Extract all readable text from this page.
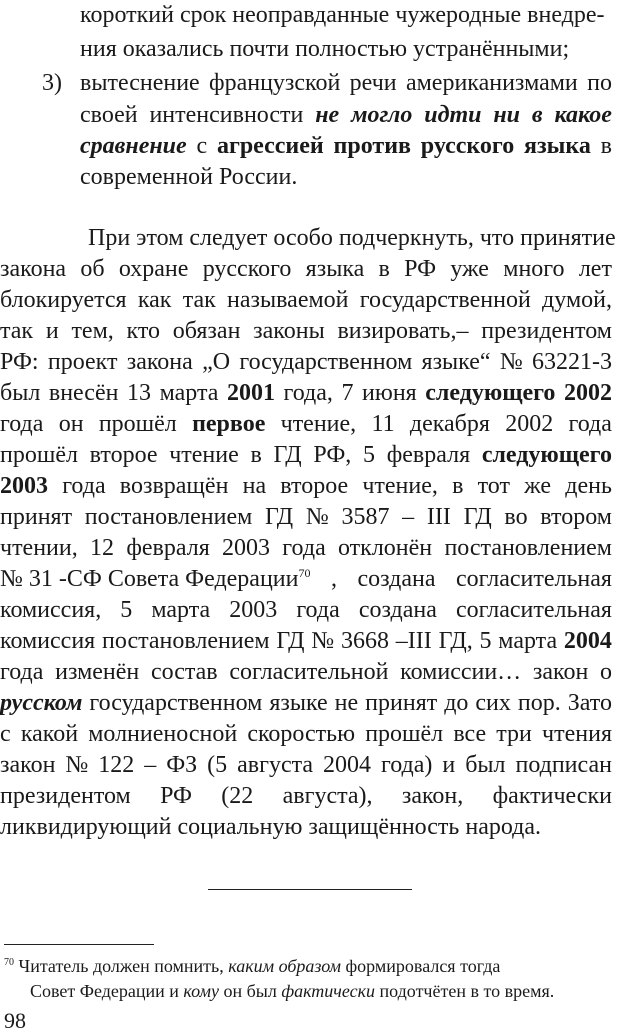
короткий срок неоправданные чужеродные внедре-
ния оказались почти полностью устранёнными;
3) вытеснение французской речи американизмами по
своей интенсивности не могло идти ни в какое
сравнение с агрессией против русского языка в
современной России.
При этом следует особо подчеркнуть, что принятие
закона об охране русского языка в РФ уже много лет
блокируется как так называемой государственной думой,
так и тем, кто обязан законы визировать,– президентом
РФ: проект закона „О государственном языке“ № 63221-3
был внесён 13 марта 2001 года, 7 июня следующего 2002
года он прошёл первое чтение, 11 декабря 2002 года
прошёл второе чтение в ГД РФ, 5 февраля следующего
2003 года возвращён на второе чтение, в тот же день
принят постановлением ГД № 3587 – III ГД во втором
чтении, 12 февраля 2003 года отклонён постановлением
№ 31 -СФ Совета Федерации$^{70}$ , создана согласительная
комиссия, 5 марта 2003 года создана согласительная
комиссия постановлением ГД № 3668 –III ГД, 5 марта 2004
года изменён состав согласительной комиссии… закон о
русском государственном языке не принят до сих пор. Зато
с какой молниеносной скоростью прошёл все три чтения
закон № 122 – ФЗ (5 августа 2004 года) и был подписан
президентом РФ (22 августа), закон, фактически
ликвидирующий социальную защищённость народа.
$^{70}$ Читатель должен помнить, каким образом формировался тогда
Совет Федерации и кому он был фактически подотчётен в то время.
98
